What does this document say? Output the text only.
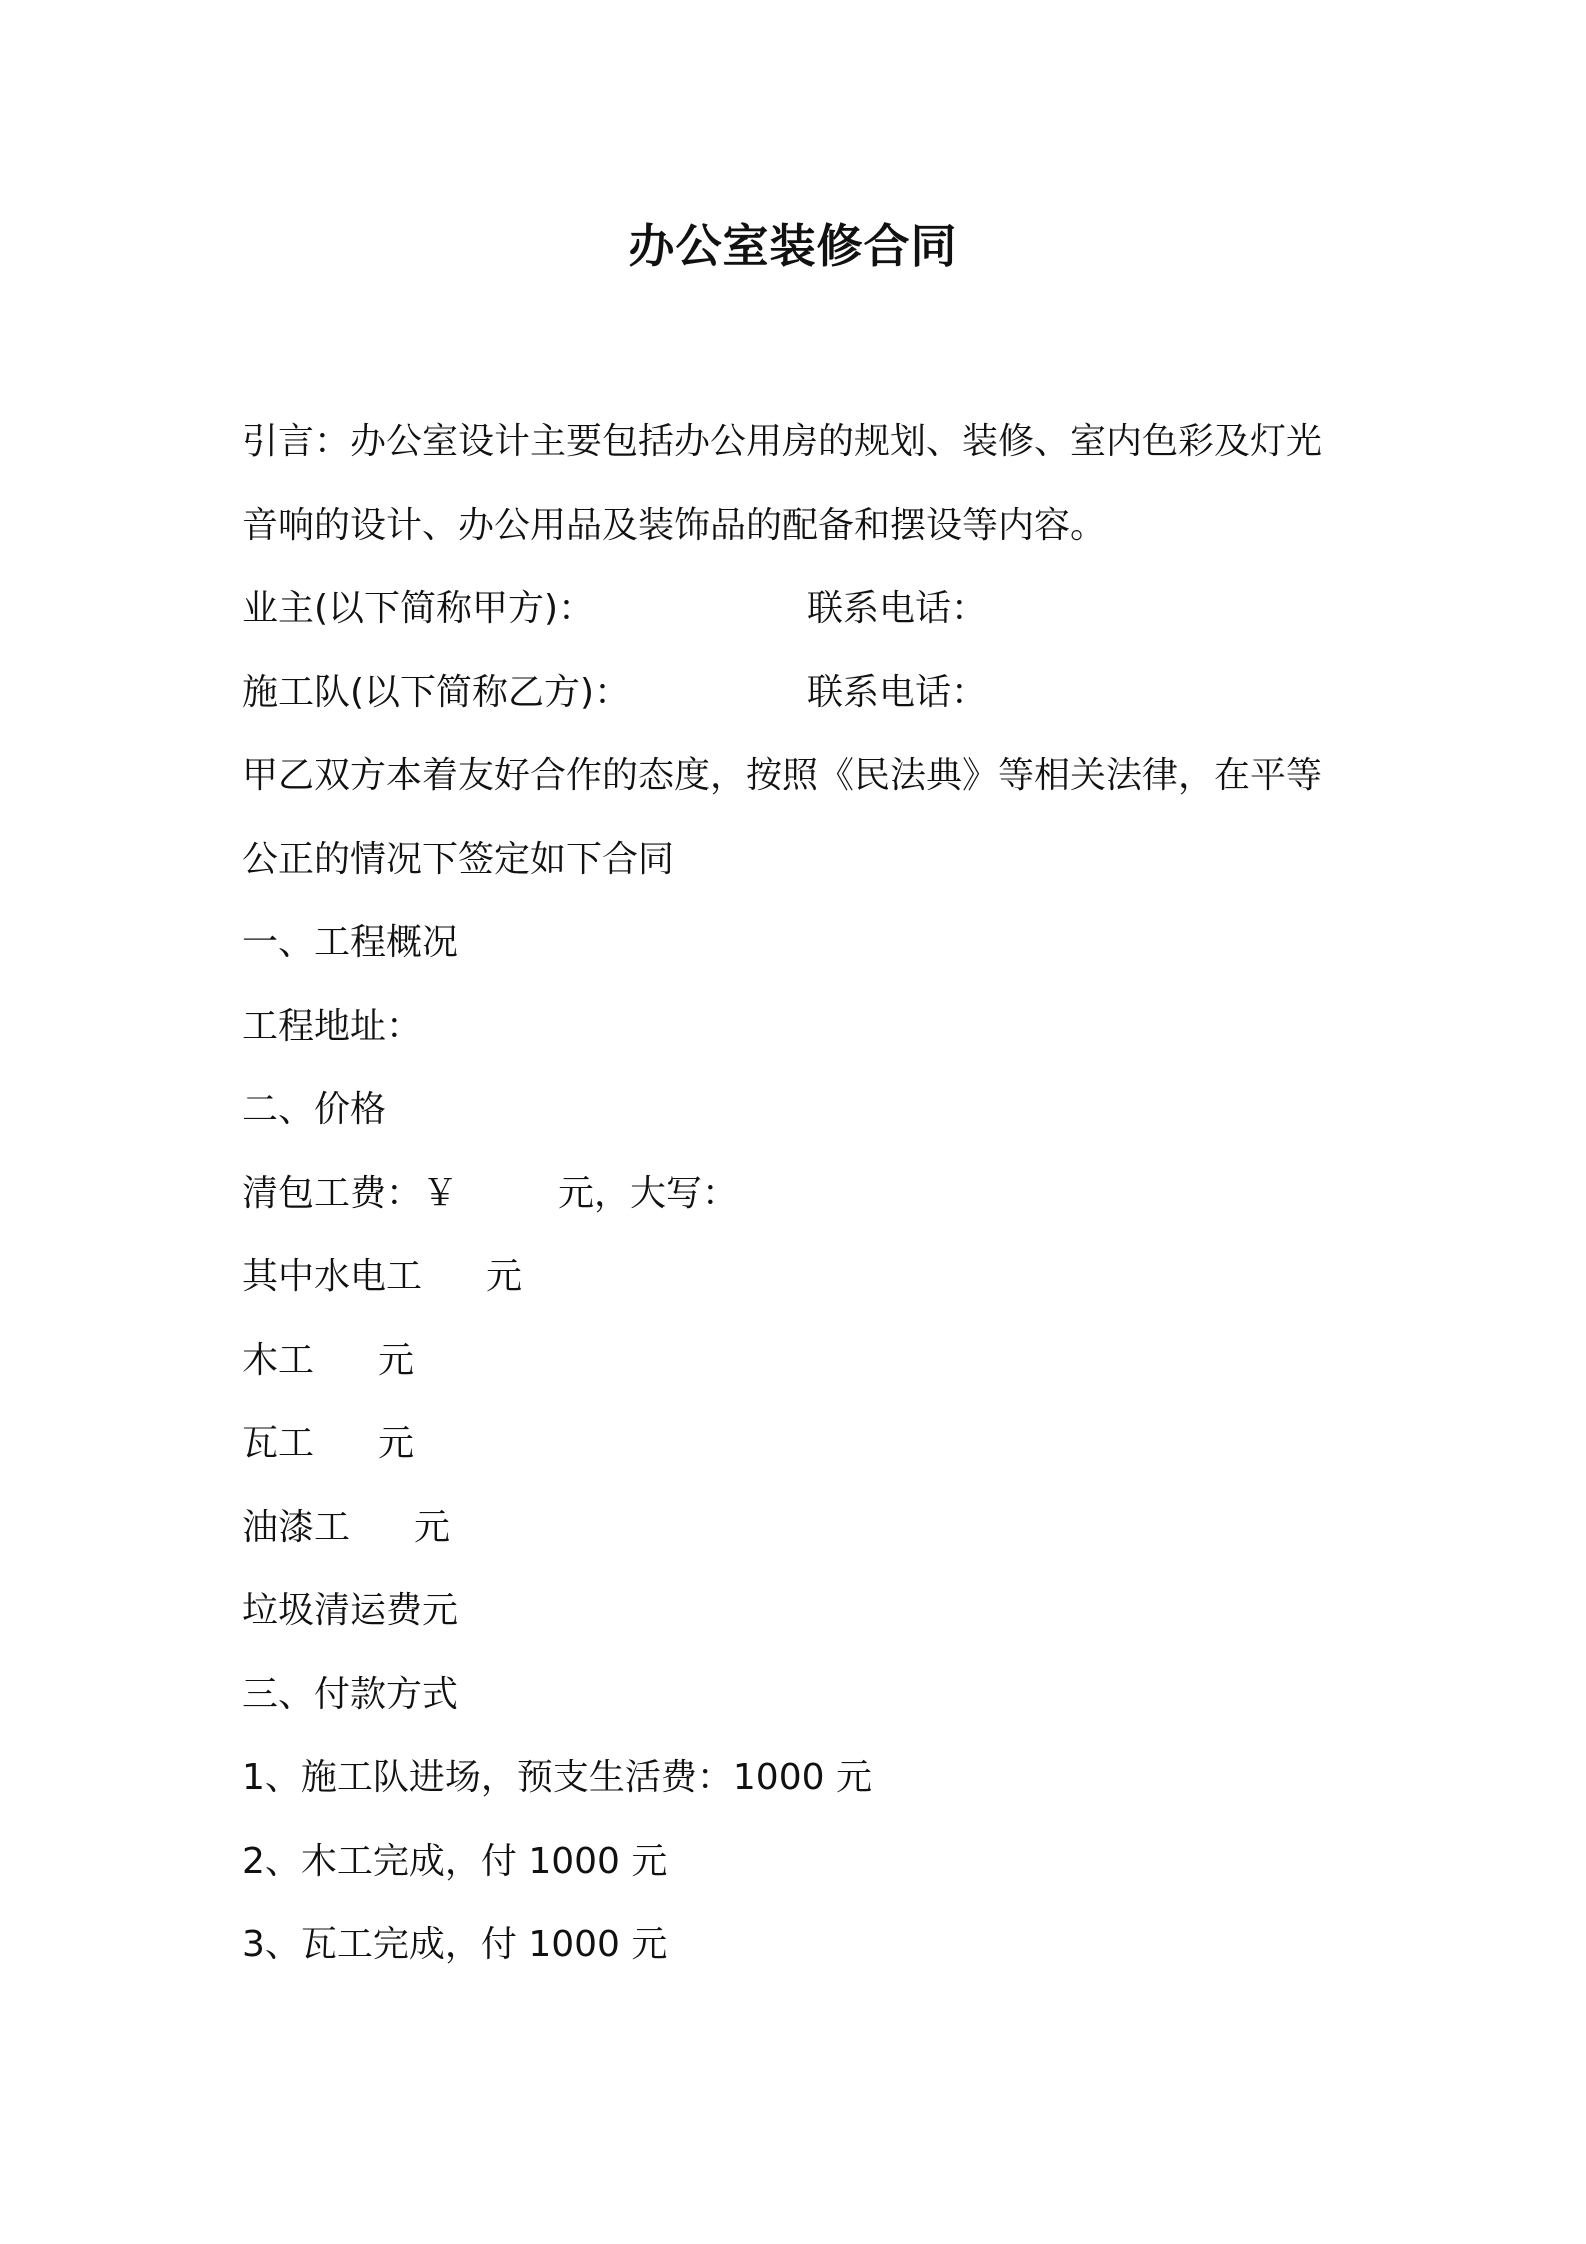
办公室装修合同
引言：办公室设计主要包括办公用房的规划、装修、室内色彩及灯光
音响的设计、办公用品及装饰品的配备和摆设等内容。
业主(以下简称甲方)：	联系电话：
施工队(以下简称乙方)：	联系电话：
甲乙双方本着友好合作的态度，按照《民法典》等相关法律，在平等
公正的情况下签定如下合同
一、工程概况
工程地址：
二、价格
清包工费：￥	元，大写：
其中水电工 元
木工 元
瓦工 元
油漆工 元
垃圾清运费元
三、付款方式
1、施工队进场，预支生活费：1000 元
2、木工完成，付 1000 元
3、瓦工完成，付 1000 元
